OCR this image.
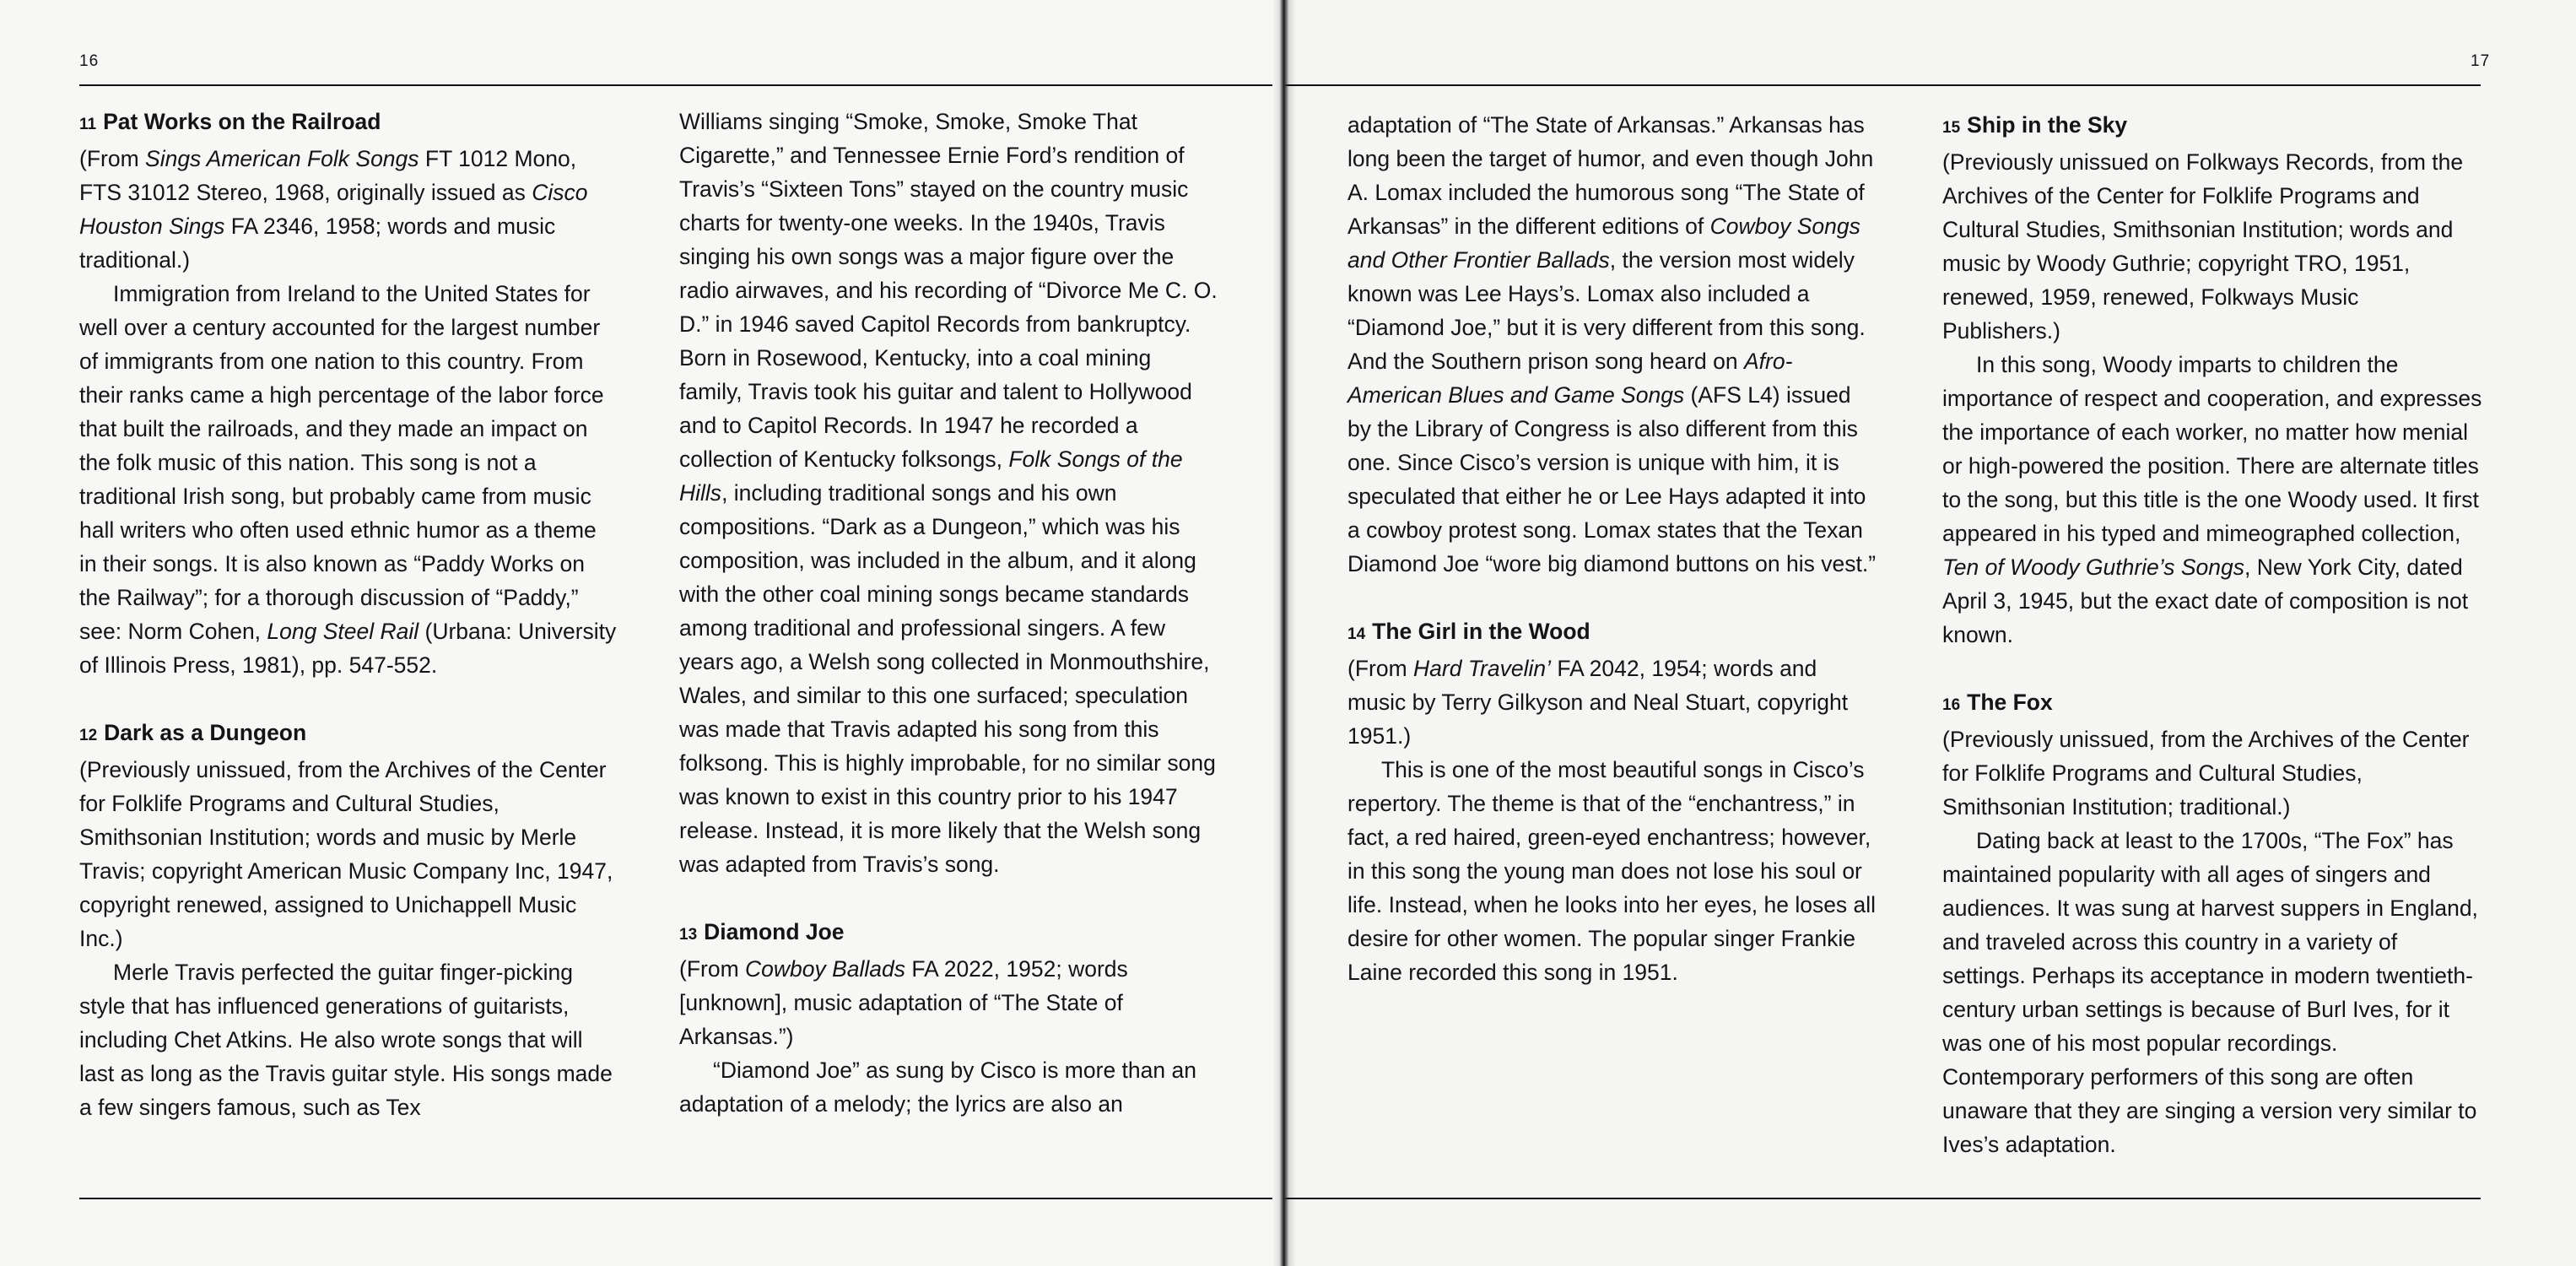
16
11 Pat Works on the Railroad

(From Sings American Folk Songs FT 1012 Mono, FTS 31012 Stereo, 1968, originally issued as Cisco Houston Sings FA 2346, 1958; words and music traditional.)

Immigration from Ireland to the United States for well over a century accounted for the largest number of immigrants from one nation to this country. From their ranks came a high percentage of the labor force that built the railroads, and they made an impact on the folk music of this nation. This song is not a traditional Irish song, but probably came from music hall writers who often used ethnic humor as a theme in their songs. It is also known as “Paddy Works on the Railway”; for a thorough discussion of “Paddy,” see: Norm Cohen, Long Steel Rail (Urbana: University of Illinois Press, 1981), pp. 547-552.

12 Dark as a Dungeon

(Previously unissued, from the Archives of the Center for Folklife Programs and Cultural Studies, Smithsonian Institution; words and music by Merle Travis; copyright American Music Company Inc, 1947, copyright renewed, assigned to Unichappell Music Inc.)

Merle Travis perfected the guitar finger-picking style that has influenced generations of guitarists, including Chet Atkins. He also wrote songs that will last as long as the Travis guitar style. His songs made a few singers famous, such as Tex

Williams singing “Smoke, Smoke, Smoke That Cigarette,” and Tennessee Ernie Ford’s rendition of Travis’s “Sixteen Tons” stayed on the country music charts for twenty-one weeks. In the 1940s, Travis singing his own songs was a major figure over the radio airwaves, and his recording of “Divorce Me C. O. D.” in 1946 saved Capitol Records from bankruptcy. Born in Rosewood, Kentucky, into a coal mining family, Travis took his guitar and talent to Hollywood and to Capitol Records. In 1947 he recorded a collection of Kentucky folksongs, Folk Songs of the Hills, including traditional songs and his own compositions. “Dark as a Dungeon,” which was his composition, was included in the album, and it along with the other coal mining songs became standards among traditional and professional singers. A few years ago, a Welsh song collected in Monmouthshire, Wales, and similar to this one surfaced; speculation was made that Travis adapted his song from this folksong. This is highly improbable, for no similar song was known to exist in this country prior to his 1947 release. Instead, it is more likely that the Welsh song was adapted from Travis’s song.

13 Diamond Joe

(From Cowboy Ballads FA 2022, 1952; words [unknown], music adaptation of “The State of Arkansas.”)

“Diamond Joe” as sung by Cisco is more than an adaptation of a melody; the lyrics are also an

17

adaptation of “The State of Arkansas.” Arkansas has long been the target of humor, and even though John A. Lomax included the humorous song “The State of Arkansas” in the different editions of Cowboy Songs and Other Frontier Ballads, the version most widely known was Lee Hays’s. Lomax also included a “Diamond Joe,” but it is very different from this song. And the Southern prison song heard on Afro-American Blues and Game Songs (AFS L4) issued by the Library of Congress is also different from this one. Since Cisco’s version is unique with him, it is speculated that either he or Lee Hays adapted it into a cowboy protest song. Lomax states that the Texan Diamond Joe “wore big diamond buttons on his vest.”

14 The Girl in the Wood

(From Hard Travelin’ FA 2042, 1954; words and music by Terry Gilkyson and Neal Stuart, copyright 1951.)

This is one of the most beautiful songs in Cisco’s repertory. The theme is that of the “enchantress,” in fact, a red haired, green-eyed enchantress; however, in this song the young man does not lose his soul or life. Instead, when he looks into her eyes, he loses all desire for other women. The popular singer Frankie Laine recorded this song in 1951.

15 Ship in the Sky

(Previously unissued on Folkways Records, from the Archives of the Center for Folklife Programs and Cultural Studies, Smithsonian Institution; words and music by Woody Guthrie; copyright TRO, 1951, renewed, 1959, renewed, Folkways Music Publishers.)

In this song, Woody imparts to children the importance of respect and cooperation, and expresses the importance of each worker, no matter how menial or high-powered the position. There are alternate titles to the song, but this title is the one Woody used. It first appeared in his typed and mimeographed collection, Ten of Woody Guthrie’s Songs, New York City, dated April 3, 1945, but the exact date of composition is not known.

16 The Fox

(Previously unissued, from the Archives of the Center for Folklife Programs and Cultural Studies, Smithsonian Institution; traditional.)

Dating back at least to the 1700s, “The Fox” has maintained popularity with all ages of singers and audiences. It was sung at harvest suppers in England, and traveled across this country in a variety of settings. Perhaps its acceptance in modern twentieth-century urban settings is because of Burl Ives, for it was one of his most popular recordings. Contemporary performers of this song are often unaware that they are singing a version very similar to Ives’s adaptation.
